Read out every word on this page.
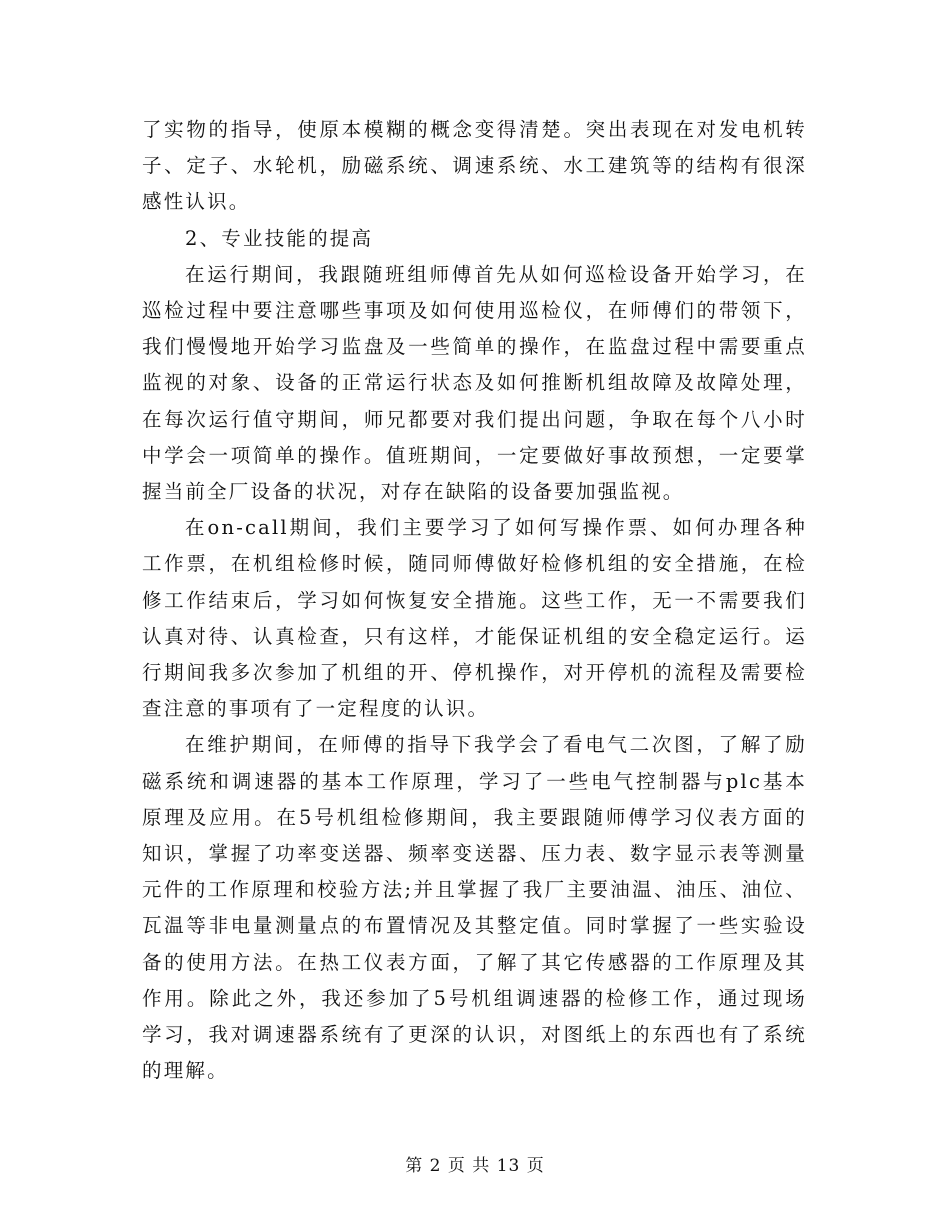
了实物的指导，使原本模糊的概念变得清楚。突出表现在对发电机转子、定子、水轮机，励磁系统、调速系统、水工建筑等的结构有很深感性认识。

2、专业技能的提高

在运行期间，我跟随班组师傅首先从如何巡检设备开始学习，在巡检过程中要注意哪些事项及如何使用巡检仪，在师傅们的带领下，我们慢慢地开始学习监盘及一些简单的操作，在监盘过程中需要重点监视的对象、设备的正常运行状态及如何推断机组故障及故障处理，在每次运行值守期间，师兄都要对我们提出问题，争取在每个八小时中学会一项简单的操作。值班期间，一定要做好事故预想，一定要掌握当前全厂设备的状况，对存在缺陷的设备要加强监视。

在on-call期间，我们主要学习了如何写操作票、如何办理各种工作票，在机组检修时候，随同师傅做好检修机组的安全措施，在检修工作结束后，学习如何恢复安全措施。这些工作，无一不需要我们认真对待、认真检查，只有这样，才能保证机组的安全稳定运行。运行期间我多次参加了机组的开、停机操作，对开停机的流程及需要检查注意的事项有了一定程度的认识。

在维护期间，在师傅的指导下我学会了看电气二次图，了解了励磁系统和调速器的基本工作原理，学习了一些电气控制器与plc基本原理及应用。在5号机组检修期间，我主要跟随师傅学习仪表方面的知识，掌握了功率变送器、频率变送器、压力表、数字显示表等测量元件的工作原理和校验方法;并且掌握了我厂主要油温、油压、油位、瓦温等非电量测量点的布置情况及其整定值。同时掌握了一些实验设备的使用方法。在热工仪表方面，了解了其它传感器的工作原理及其作用。除此之外，我还参加了5号机组调速器的检修工作，通过现场学习，我对调速器系统有了更深的认识，对图纸上的东西也有了系统的理解。

第 2 页 共 13 页
